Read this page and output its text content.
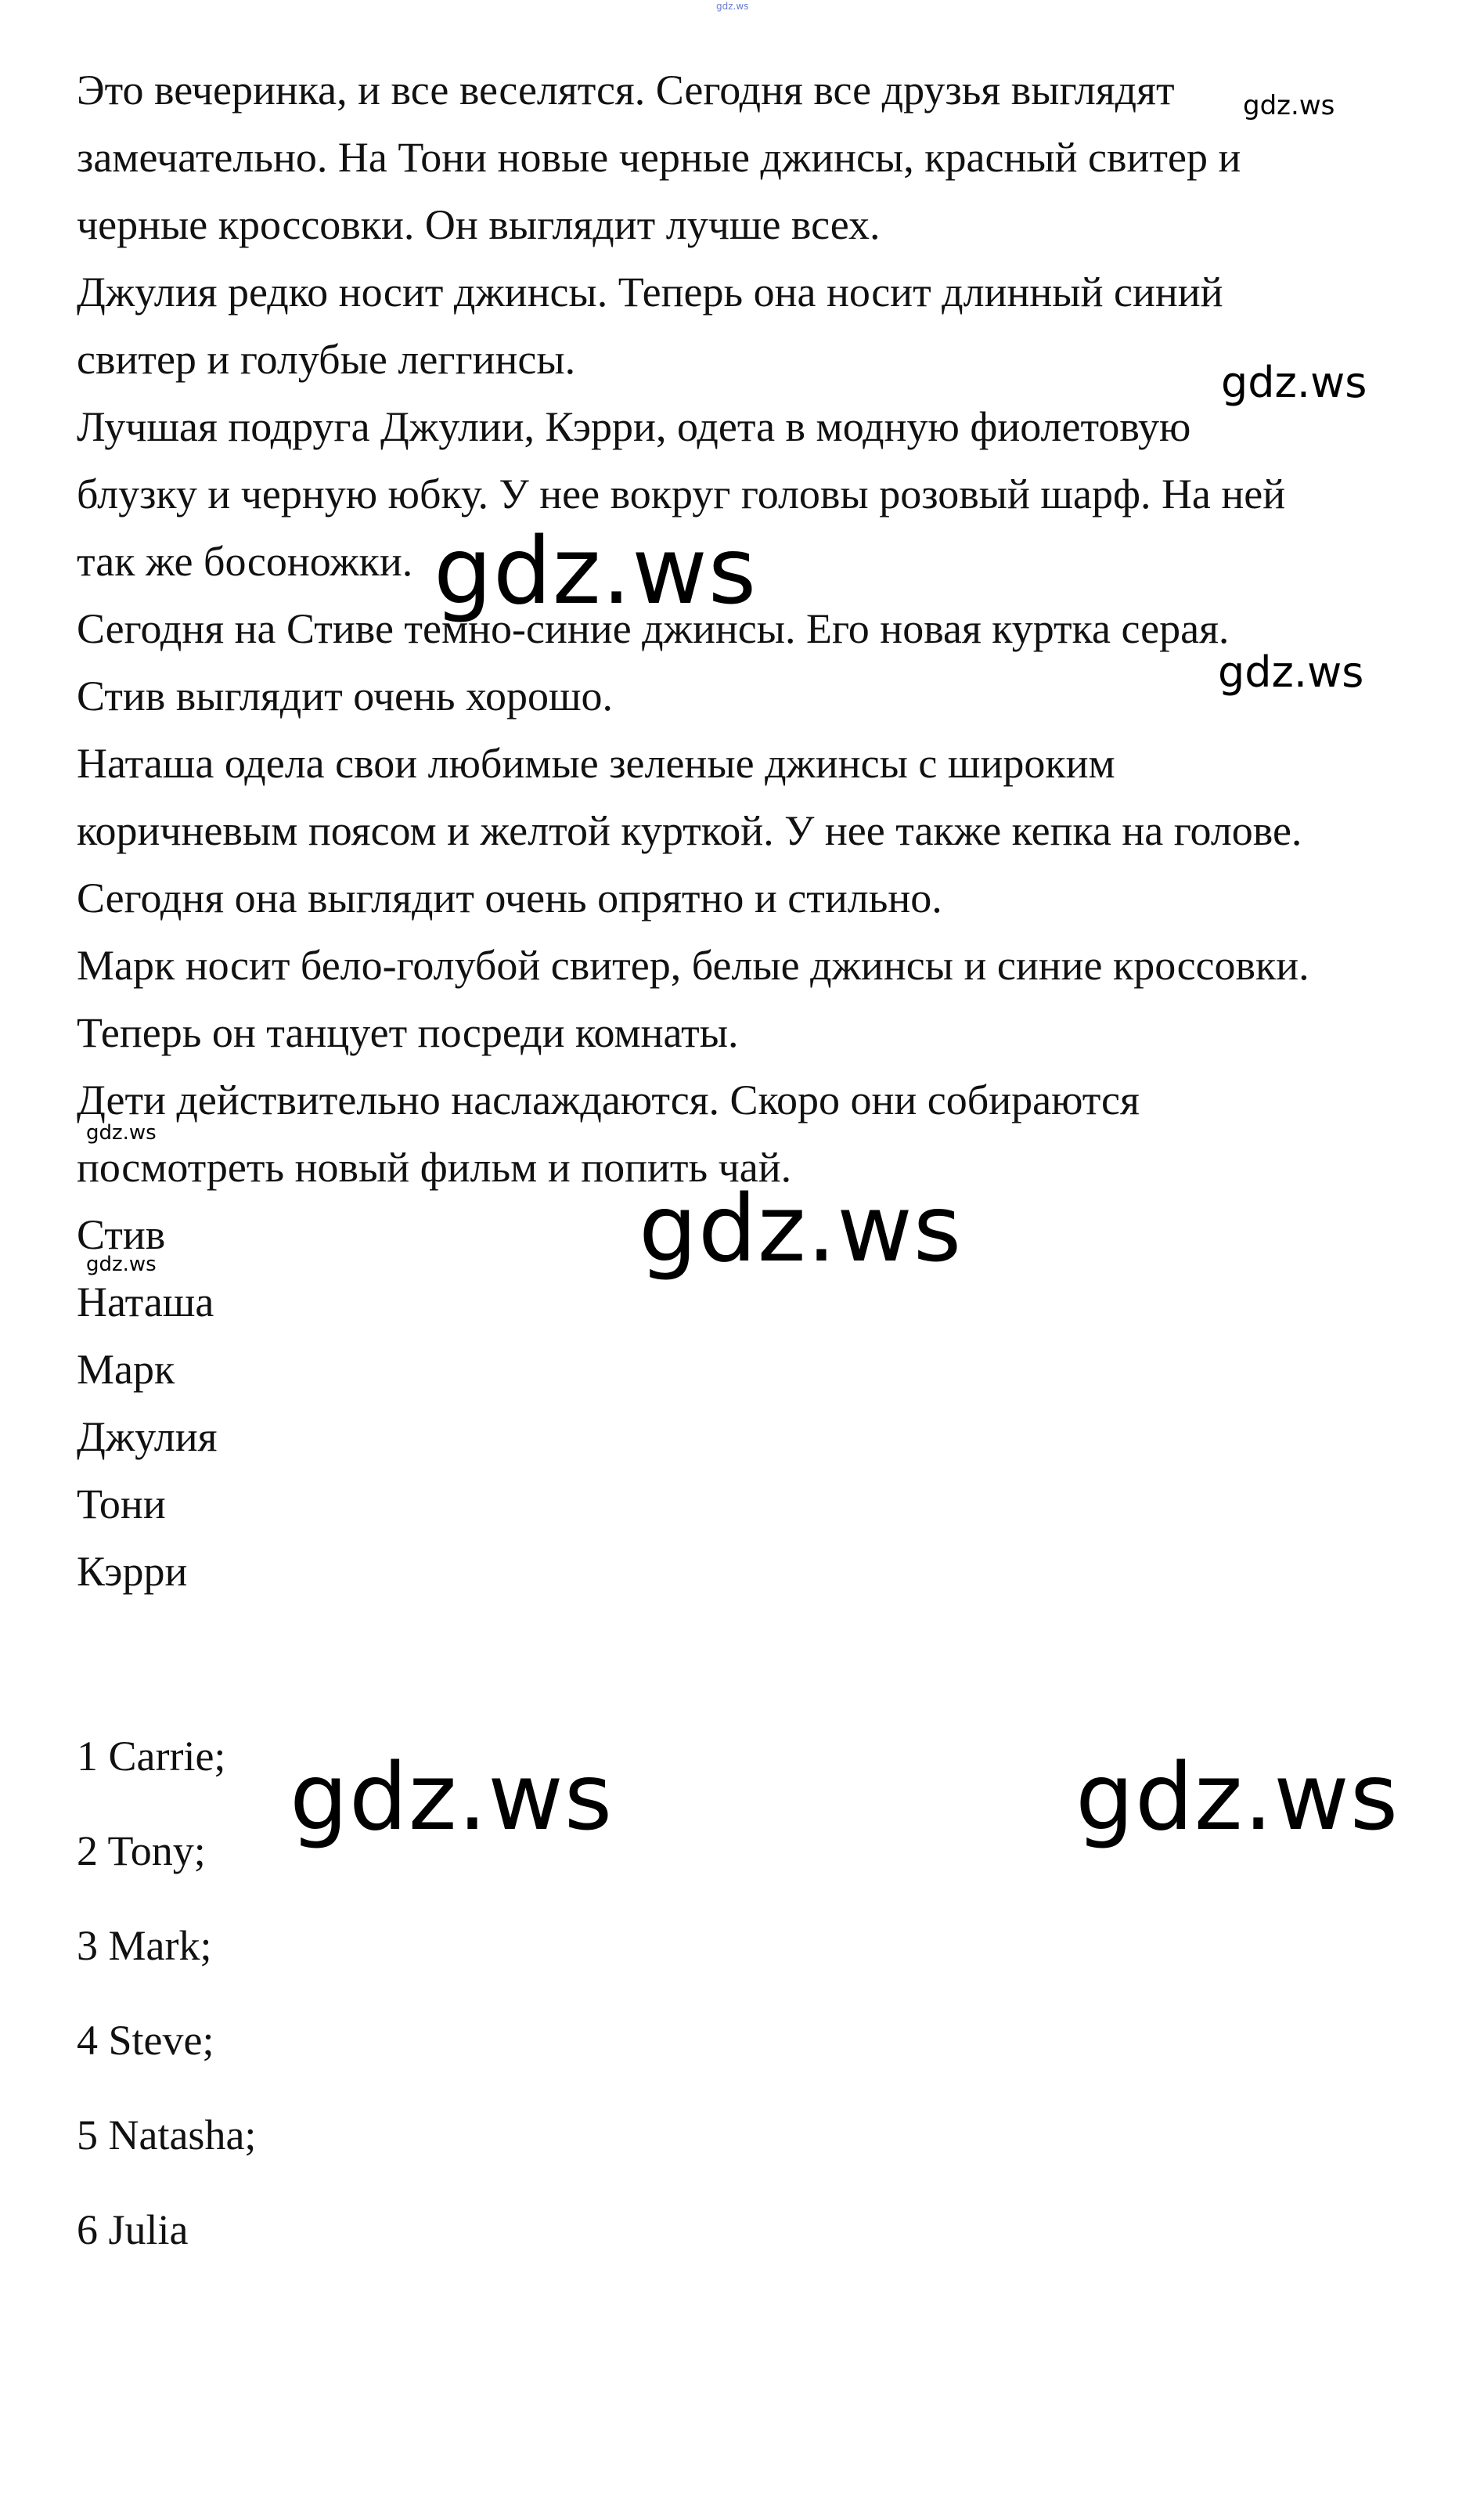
gdz.ws
Это вечеринка, и все веселятся. Сегодня все друзья выглядят
замечательно. На Тони новые черные джинсы, красный свитер и
черные кроссовки. Он выглядит лучше всех.
Джулия редко носит джинсы. Теперь она носит длинный синий
свитер и голубые леггинсы.
Лучшая подруга Джулии, Кэрри, одета в модную фиолетовую
блузку и черную юбку. У нее вокруг головы розовый шарф. На ней
так же босоножки.
Сегодня на Стиве темно-синие джинсы. Его новая куртка серая.
Стив выглядит очень хорошо.
Наташа одела свои любимые зеленые джинсы с широким
коричневым поясом и желтой курткой. У нее также кепка на голове.
Сегодня она выглядит очень опрятно и стильно.
Марк носит бело-голубой свитер, белые джинсы и синие кроссовки.
Теперь он танцует посреди комнаты.
Дети действительно наслаждаются. Скоро они собираются
посмотреть новый фильм и попить чай.
Стив
Наташа
Марк
Джулия
Тони
Кэрри
1 Carrie;
2 Tony;
3 Mark;
4 Steve;
5 Natasha;
6 Julia
gdz.ws
gdz.ws
gdz.ws
gdz.ws
gdz.ws
gdz.ws
gdz.ws
gdz.ws	gdz.ws
